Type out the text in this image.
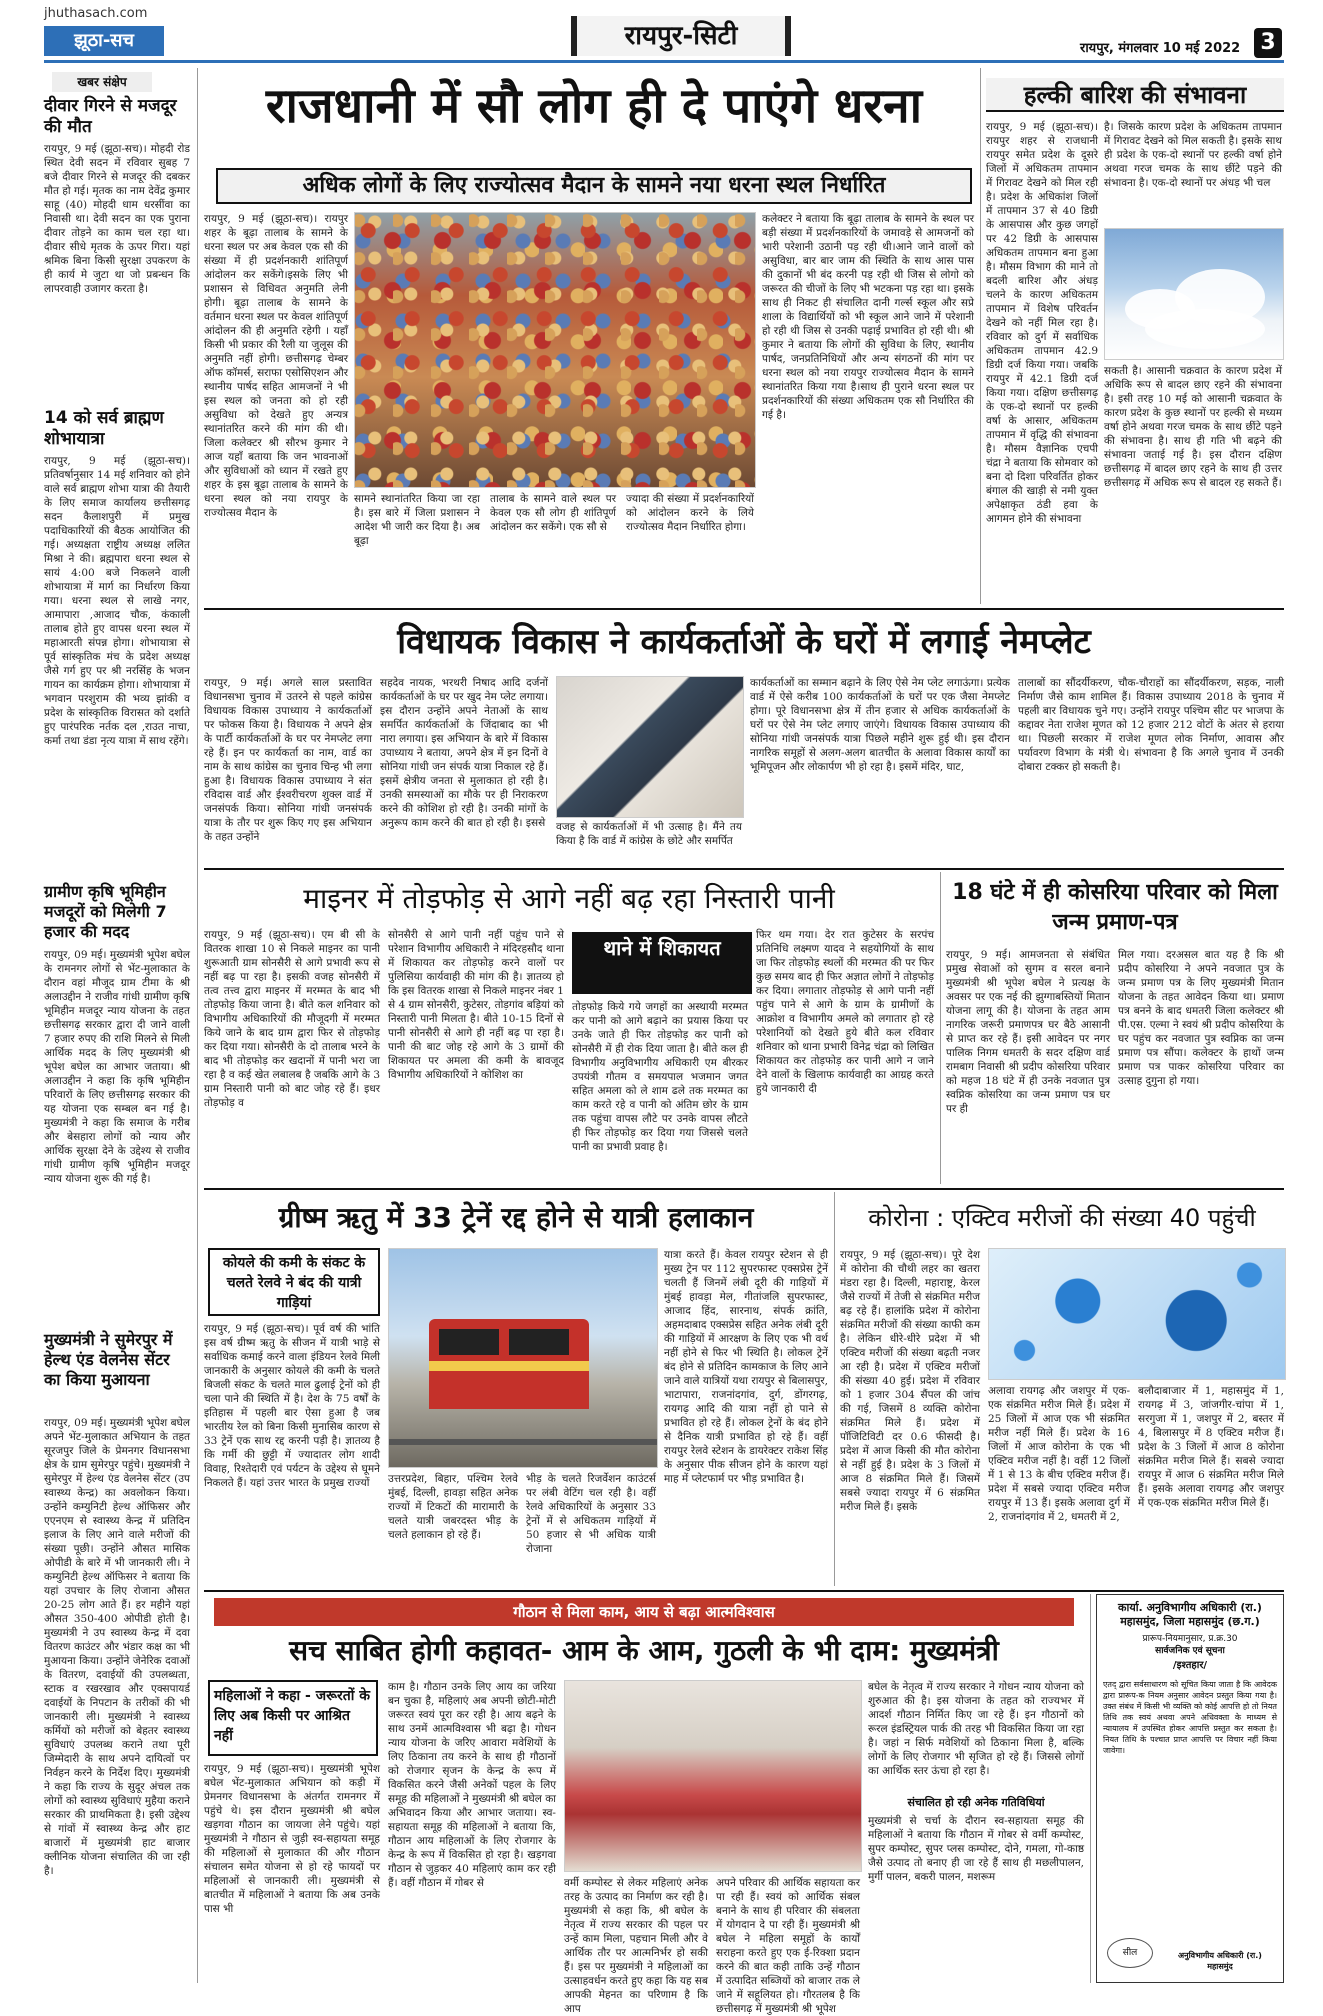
jhuthasach.com
झूठा-सच	रायपुर-सिटी	रायपुर, मंगलवार 10 मई 2022 3
खबर संक्षेप
दीवार गिरने से मजदूर की मौत
रायपुर, 9 मई (झूठा-सच)। मोहदी रोड स्थित देवी सदन में रविवार सुबह 7 बजे दीवार गिरने से मजदूर की दबकर मौत हो गई। मृतक का नाम देवेंद्र कुमार साहू (40) मोहदी धाम धरसींवा का निवासी था। देवी सदन का एक पुराना दीवार तोड़ने का काम चल रहा था। दीवार सीधे मृतक के ऊपर गिरा। यहां श्रमिक बिना किसी सुरक्षा उपकरण के ही कार्य मे जुटा था जो प्रबन्धन कि लापरवाही उजागर करता है।
14 को सर्व ब्राह्मण शोभायात्रा
रायपुर, 9 मई (झूठा-सच)। प्रतिवर्षानुसार 14 मई शनिवार को होने वाले सर्व ब्राह्मण शोभा यात्रा की तैयारी के लिए समाज कार्यालय छत्तीसगढ़ सदन कैलाशपुरी में प्रमुख पदाधिकारियों की बैठक आयोजित की गई। अध्यक्षता राष्ट्रीय अध्यक्ष ललित मिश्रा ने की। ब्रह्मपारा धरना स्थल से सायं 4:00 बजे निकलने वाली शोभायात्रा में मार्ग का निर्धारण किया गया। धरना स्थल से लाखे नगर, आमापारा ,आजाद चौक, कंकाली तालाब होते हुए वापस धरना स्थल में महाआरती संपन्न होगा। शोभायात्रा से पूर्व सांस्कृतिक मंच के प्रदेश अध्यक्ष जैसे गर्ग हुए पर श्री नरसिंह के भजन गायन का कार्यक्रम होगा। शोभायात्रा में भगवान परशुराम की भव्य झांकी व प्रदेश के सांस्कृतिक विरासत को दर्शाते हुए पारंपरिक नर्तक दल ,राउत नाचा, कर्मा तथा डंडा नृत्य यात्रा में साथ रहेंगे।
ग्रामीण कृषि भूमिहीन मजदूरों को मिलेगी 7 हजार की मदद
रायपुर, 09 मई। मुख्यमंत्री भूपेश बघेल के रामनगर लोगों से भेंट-मुलाकात के दौरान वहां मौजूद ग्राम टीमा के श्री अलाउद्दीन ने राजीव गांधी ग्रामीण कृषि भूमिहीन मजदूर न्याय योजना के तहत छत्तीसगढ़ सरकार द्वारा दी जाने वाली 7 हजार रुपए की राशि मिलने से मिली आर्थिक मदद के लिए मुख्यमंत्री श्री भूपेश बघेल का आभार जताया। श्री अलाउद्दीन ने कहा कि कृषि भूमिहीन परिवारों के लिए छत्तीसगढ़ सरकार की यह योजना एक सम्बल बन गई है। मुख्यमंत्री ने कहा कि समाज के गरीब और बेसहारा लोगों को न्याय और आर्थिक सुरक्षा देने के उद्देश्य से राजीव गांधी ग्रामीण कृषि भूमिहीन मजदूर न्याय योजना शुरू की गई है।
मुख्यमंत्री ने सुमेरपुर में हेल्थ एंड वेलनेस सेंटर का किया मुआयना
रायपुर, 09 मई। मुख्यमंत्री भूपेश बघेल अपने भेंट-मुलाकात अभियान के तहत सूरजपुर जिले के प्रेमनगर विधानसभा क्षेत्र के ग्राम सुमेरपुर पहुंचे। मुख्यमंत्री ने सुमेरपुर में हेल्थ एंड वेलनेस सेंटर (उप स्वास्थ्य केन्द्र) का अवलोकन किया। उन्होंने कम्युनिटी हेल्थ ऑफिसर और एएनएम से स्वास्थ्य केन्द्र में प्रतिदिन इलाज के लिए आने वाले मरीजों की संख्या पूछी। उन्होंने औसत मासिक ओपीडी के बारे में भी जानकारी ली। ने कम्युनिटी हेल्थ ऑफिसर ने बताया कि यहां उपचार के लिए रोजाना औसत 20-25 लोग आते हैं। हर महीने यहां औसत 350-400 ओपीडी होती है। मुख्यमंत्री ने उप स्वास्थ्य केन्द्र में दवा वितरण काउंटर और भंडार कक्ष का भी मुआयना किया। उन्होंने जेनेरिक दवाओं के वितरण, दवाईयों की उपलब्धता, स्टाक व रखरखाव और एक्सपायर्ड दवाईयों के निपटान के तरीकों की भी जानकारी ली। मुख्यमंत्री ने स्वास्थ्य कर्मियों को मरीजों को बेहतर स्वास्थ्य सुविधाएं उपलब्ध कराने तथा पूरी जिम्मेदारी के साथ अपने दायित्वों पर निर्वहन करने के निर्देश दिए। मुख्यमंत्री ने कहा कि राज्य के सुदूर अंचल तक लोगों को स्वास्थ्य सुविधाएं मुहैया कराने सरकार की प्राथमिकता है। इसी उद्देश्य से गांवों में स्वास्थ्य केन्द्र और हाट बाजारों में मुख्यमंत्री हाट बाजार क्लीनिक योजना संचालित की जा रही है।
राजधानी में सौ लोग ही दे पाएंगे धरना
अधिक लोगों के लिए राज्योत्सव मैदान के सामने नया धरना स्थल निर्धारित
रायपुर, 9 मई (झूठा-सच)। रायपुर शहर के बूढ़ा तालाब के सामने के धरना स्थल पर अब केवल एक सौ की संख्या में ही प्रदर्शनकारी शांतिपूर्ण आंदोलन कर सकेंगे।इसके लिए भी प्रशासन से विधिवत अनुमति लेनी होगी। बूढ़ा तालाब के सामने के वर्तमान धरना स्थल पर केवल शांतिपूर्ण आंदोलन की ही अनुमति रहेगी । यहाँ किसी भी प्रकार की रैली या जुलूस की अनुमति नहीं होगी। छत्तीसगढ़ चेम्बर ऑफ कॉमर्स, सराफा एसोसिएशन और स्थानीय पार्षद सहित आमजनों ने भी इस स्थल को जनता को हो रही असुविधा को देखते हुए अन्यत्र स्थानांतरित करने की मांग की थी। जिला कलेक्टर श्री सौरभ कुमार ने आज यहाँ बताया कि जन भावनाओं और सुविधाओं को ध्यान में रखते हुए शहर के इस बूढ़ा तालाब के सामने के धरना स्थल को नया रायपुर के राज्योत्सव मैदान के
सामने स्थानांतरित किया जा रहा है। इस बारे में जिला प्रशासन ने आदेश भी जारी कर दिया है। अब बूढ़ा
तालाब के सामने वाले स्थल पर केवल एक सौ लोग ही शांतिपूर्ण आंदोलन कर सकेंगे। एक सौ से
ज्यादा की संख्या में प्रदर्शनकारियों को आंदोलन करने के लिये राज्योत्सव मैदान निर्धारित होगा।
कलेक्टर ने बताया कि बूढ़ा तालाब के सामने के स्थल पर बड़ी संख्या में प्रदर्शनकारियों के जमावड़े से आमजनों को भारी परेशानी उठानी पड़ रही थी।आने जाने वालों को असुविधा, बार बार जाम की स्थिति के साथ आस पास की दुकानों भी बंद करनी पड़ रही थी जिस से लोगो को जरूरत की चीजों के लिए भी भटकना पड़ रहा था। इसके साथ ही निकट ही संचालित दानी गर्ल्स स्कूल और सप्रे शाला के विद्यार्थियों को भी स्कूल आने जाने में परेशानी हो रही थी जिस से उनकी पढ़ाई प्रभावित हो रही थी। श्री कुमार ने बताया कि लोगों की सुविधा के लिए, स्थानीय पार्षद, जनप्रतिनिधियों और अन्य संगठनों की मांग पर धरना स्थल को नया रायपुर राज्योत्सव मैदान के सामने स्थानांतरित किया गया है।साथ ही पुराने धरना स्थल पर प्रदर्शनकारियों की संख्या अधिकतम एक सौ निर्धारित की गई है।
हल्की बारिश की संभावना
रायपुर, 9 मई (झूठा-सच)। रायपुर शहर से राजधानी रायपुर समेत प्रदेश के दूसरे जिलों में अधिकतम तापमान में गिरावट देखने को मिल रही है। प्रदेश के अधिकांश जिलों में तापमान 37 से 40 डिग्री के आसपास और कुछ जगहों पर 42 डिग्री के आसपास अधिकतम तापमान बना हुआ है। मौसम विभाग की माने तो बदली बारिश और अंधड़ चलने के कारण अधिकतम तापमान में विशेष परिवर्तन देखने को नहीं मिल रहा है। रविवार को दुर्ग में सर्वाधिक अधिकतम तापमान 42.9 डिग्री दर्ज किया गया। जबकि रायपुर में 42.1 डिग्री दर्ज किया गया। दक्षिण छत्तीसगढ़ के एक-दो स्थानों पर हल्की वर्षा के आसार, अधिकतम तापमान में वृद्धि की संभावना है। मौसम वैज्ञानिक एचपी चंद्रा ने बताया कि सोमवार को बना दो दिशा परिवर्तित होकर बंगाल की खाड़ी से नमी युक्त अपेक्षाकृत ठंडी हवा के आगमन होने की संभावना
है। जिसके कारण प्रदेश के अधिकतम तापमान में गिरावट देखने को मिल सकती है। इसके साथ ही प्रदेश के एक-दो स्थानों पर हल्की वर्षा होने अथवा गरज चमक के साथ छींटे पड़ने की संभावना है। एक-दो स्थानों पर अंधड़ भी चल
सकती है। आसानी चक्रवात के कारण प्रदेश में अधिकि रूप से बादल छाए रहने की संभावना है। इसी तरह 10 मई को आसानी चक्रवात के कारण प्रदेश के कुछ स्थानों पर हल्की से मध्यम वर्षा होने अथवा गरज चमक के साथ छींटे पड़ने की संभावना है। साथ ही गति भी बढ़ने की संभावना जताई गई है। इस दौरान दक्षिण छत्तीसगढ़ में बादल छाए रहने के साथ ही उत्तर छत्तीसगढ़ में अधिक रूप से बादल रह सकते हैं।
विधायक विकास ने कार्यकर्ताओं के घरों में लगाई नेमप्लेट
रायपुर, 9 मई। अगले साल प्रस्तावित विधानसभा चुनाव में उतरने से पहले कांग्रेस विधायक विकास उपाध्याय ने कार्यकर्ताओं पर फोकस किया है। विधायक ने अपने क्षेत्र के पार्टी कार्यकर्ताओं के घर पर नेमप्लेट लगा रहे हैं। इन पर कार्यकर्ता का नाम, वार्ड का नाम के साथ कांग्रेस का चुनाव चिन्ह भी लगा हुआ है। विधायक विकास उपाध्याय ने संत रविदास वार्ड और ईश्वरीचरण शुक्ल वार्ड में जनसंपर्क किया। सोनिया गांधी जनसंपर्क यात्रा के तौर पर शुरू किए गए इस अभियान के तहत उन्होंने
सहदेव नायक, भरथरी निषाद आदि दर्जनों कार्यकर्ताओं के घर पर खुद नेम प्लेट लगाया। इस दौरान उन्होंने अपने नेताओं के साथ समर्पित कार्यकर्ताओं के जिंदाबाद का भी नारा लगाया। इस अभियान के बारे में विकास उपाध्याय ने बताया, अपने क्षेत्र में इन दिनों वे सोनिया गांधी जन संपर्क यात्रा निकाल रहे हैं।इसमें क्षेत्रीय जनता से मुलाकात हो रही है। उनकी समस्याओं का मौके पर ही निराकरण करने की कोशिश हो रही है। उनकी मांगों के अनुरूप काम करने की बात हो रही है। इससे वजह से कार्यकर्ताओं में भी उत्साह है। मैंने तय किया है कि वार्ड में कांग्रेस के छोटे और समर्पित
कार्यकर्ताओं का सम्मान बढ़ाने के लिए ऐसे नेम प्लेट लगाऊंगा। प्रत्येक वार्ड में ऐसे करीब 100 कार्यकर्ताओं के घरों पर एक जैसा नेमप्लेट होगा। पूरे विधानसभा क्षेत्र में तीन हजार से अधिक कार्यकर्ताओं के घरों पर ऐसे नेम प्लेट लगाए जाएंगे। विधायक विकास उपाध्याय की सोनिया गांधी जनसंपर्क यात्रा पिछले महीने शुरू हुई थी। इस दौरान नागरिक समूहों से अलग-अलग बातचीत के अलावा विकास कार्यों का भूमिपूजन और लोकार्पण भी हो रहा है। इसमें मंदिर, घाट,
तालाबों का सौंदर्यीकरण, चौक-चौराहों का सौंदर्यीकरण, सड़क, नाली निर्माण जैसे काम शामिल हैं। विकास उपाध्याय 2018 के चुनाव में पहली बार विधायक चुने गए। उन्होंने रायपुर पश्चिम सीट पर भाजपा के कद्दावर नेता राजेश मूणत को 12 हजार 212 वोटों के अंतर से हराया था। पिछली सरकार में राजेश मूणत लोक निर्माण, आवास और पर्यावरण विभाग के मंत्री थे। संभावना है कि अगले चुनाव में उनकी दोबारा टक्कर हो सकती है।
माइनर में तोड़फोड़ से आगे नहीं बढ़ रहा निस्तारी पानी
रायपुर, 9 मई (झूठा-सच)। एम बी सी के वितरक शाखा 10 से निकले माइनर का पानी शुरूआती ग्राम सोनसैरी से आगे प्रभावी रूप से नहीं बढ़ पा रहा है। इसकी वजह सोनसैरी में तत्व तत्त्व द्वारा माइनर में मरम्मत के बाद भी तोड़फोड़ किया जाना है। बीते कल शनिवार को विभागीय अधिकारियों की मौजूदगी में मरम्मत किये जाने के बाद ग्राम द्वारा फिर से तोड़फोड़ कर दिया गया। सोनसैरी के दो तालाब भरने के बाद भी तोड़फोड़ कर खदानों में पानी भरा जा रहा है व कई खेत लबालब है जबकि आगे के 3 ग्राम निस्तारी पानी को बाट जोह रहे हैं। इधर तोड़फोड़ व
सोनसैरी से आगे पानी नहीं पहुंच पाने से परेशान विभागीय अधिकारी ने मंदिरहसौद थाना में शिकायत कर तोड़फोड़ करने वालों पर पुलिसिया कार्यवाही की मांग की है। ज्ञातव्य हो कि इस वितरक शाखा से निकले माइनर नंबर 1 से 4 ग्राम सोनसैरी, कुटेसर, तोड़गांव बड़ियां को निस्तारी पानी मिलता है। बीते 10-15 दिनों से पानी सोनसैरी से आगे ही नहीं बढ़ पा रहा है। पानी की बाट जोह रहे आगे के 3 ग्रामों की शिकायत पर अमला की कमी के बावजूद विभागीय अधिकारियों ने कोशिश का
थाने में शिकायत
तोड़फोड़ किये गये जगहों का अस्थायी मरम्मत कर पानी को आगे बढ़ाने का प्रयास किया पर उनके जाते ही फिर तोड़फोड़ कर पानी को सोनसैरी में ही रोक दिया जाता है। बीते कल ही विभागीय अनुविभागीय अधिकारी एम बीरकर उपयंत्री गौतम व समयपाल भजमान जगत सहित अमला को ले शाम ढले तक मरम्मत का काम करते रहे व पानी को अंतिम छोर के ग्राम तक पहुंचा वापस लौटे पर उनके वापस लौटते ही फिर तोड़फोड़ कर दिया गया जिससे चलते पानी का प्रभावी प्रवाह है।
फिर थम गया। देर रात कुटेसर के सरपंच प्रतिनिधि लक्ष्मण यादव ने सहयोगियों के साथ जा फिर तोड़फोड़ स्थलों की मरम्मत की पर फिर कुछ समय बाद ही फिर अज्ञात लोगों ने तोड़फोड़ कर दिया। लगातार तोड़फोड़ से आगे पानी नहीं पहुंच पाने से आगे के ग्राम के ग्रामीणों के आक्रोश व विभागीय अमले को लगातार हो रहे परेशानियों को देखते हुये बीते कल रविवार शनिवार को थाना प्रभारी विनेद्र चंद्रा को लिखित शिकायत कर तोड़फोड़ कर पानी आगे न जाने देने वालों के खिलाफ कार्यवाही का आग्रह करते हुये जानकारी दी
18 घंटे में ही कोसरिया परिवार को मिला जन्म प्रमाण-पत्र
रायपुर, 9 मई। आमजनता से संबंधित प्रमुख सेवाओं को सुगम व सरल बनाने मुख्यमंत्री श्री भूपेश बघेल ने प्रत्यक्ष के अवसर पर एक नई की झुग्गाबस्तियों मितान योजना लागू की है। योजना के तहत आम नागरिक जरूरी प्रमाणपत्र घर बैठे आसानी से प्राप्त कर रहे हैं। इसी आवेदन पर नगर पालिक निगम धमतरी के सदर दक्षिण वार्ड रामबाग निवासी श्री प्रदीप कोसरिया परिवार को महज 18 घंटे में ही उनके नवजात पुत्र स्वप्निक कोसरिया का जन्म प्रमाण पत्र घर पर ही
मिल गया। दरअसल बात यह है कि श्री प्रदीप कोसरिया ने अपने नवजात पुत्र के जन्म प्रमाण पत्र के लिए मुख्यमंत्री मितान योजना के तहत आवेदन किया था। प्रमाण पत्र बनने के बाद धमतरी जिला कलेक्टर श्री पी.एस. एल्मा ने स्वयं श्री प्रदीप कोसरिया के घर पहुंच कर नवजात पुत्र स्वप्निक का जन्म प्रमाण पत्र सौंपा। कलेक्टर के हाथों जन्म प्रमाण पत्र पाकर कोसरिया परिवार का उत्साह दुगुना हो गया।
ग्रीष्म ऋतु में 33 ट्रेनें रद्द होने से यात्री हलाकान
कोयले की कमी के संकट के चलते रेलवे ने बंद की यात्री गाड़ियां
रायपुर, 9 मई (झूठा-सच)। पूर्व वर्ष की भांति इस वर्ष ग्रीष्म ऋतु के सीजन में यात्री भाड़े से सर्वाधिक कमाई करने वाला इंडियन रेलवे मिली जानकारी के अनुसार कोयले की कमी के चलते बिजली संकट के चलते माल ढुलाई ट्रेनों को ही चला पाने की स्थिति में है। देश के 75 वर्षों के इतिहास में पहली बार ऐसा हुआ है जब भारतीय रेल को बिना किसी मुनासिब कारण से 33 ट्रेनें एक साथ रद्द करनी पड़ी है। ज्ञातव्य है कि गर्मी की छुट्टी में ज्यादातर लोग शादी विवाह, रिश्तेदारी एवं पर्यटन के उद्देश्य से घूमने निकलते हैं। यहां उत्तर भारत के प्रमुख राज्यों	उत्तरप्रदेश, बिहार, पश्चिम रेलवे मुंबई, दिल्ली, हावड़ा सहित अनेक राज्यों में टिकटों की मारामारी के चलते यात्री जबरदस्त भीड़ के चलते हलाकान हो रहे हैं।
भीड़ के चलते रिजर्वेशन काउंटर्स पर लंबी वेटिंग चल रही है। वहीं रेलवे अधिकारियों के अनुसार 33 ट्रेनों में से अधिकतम गाड़ियों में 50 हजार से भी अधिक यात्री रोजाना
यात्रा करते हैं। केवल रायपुर स्टेशन से ही मुख्य ट्रेन पर 112 सुपरफास्ट एक्सप्रेस ट्रेनें चलती हैं जिनमें लंबी दूरी की गाड़ियों में मुंबई हावड़ा मेल, गीतांजलि सुपरफास्ट, आजाद हिंद, सारनाथ, संपर्क क्रांति, अहमदाबाद एक्सप्रेस सहित अनेक लंबी दूरी की गाड़ियों में आरक्षण के लिए एक भी वर्थ नहीं होने से फिर भी स्थिति है। लोकल ट्रेनें बंद होने से प्रतिदिन कामकाज के लिए आने जाने वाले यात्रियों यथा रायपुर से बिलासपुर, भाटापारा, राजनांदगांव, दुर्ग, डोंगरगढ़, रायगढ़ आदि की यात्रा नहीं हो पाने से प्रभावित हो रहे हैं। लोकल ट्रेनों के बंद होने से दैनिक यात्री प्रभावित हो रहे हैं। वहीं रायपुर रेलवे स्टेशन के डायरेक्टर राकेश सिंह के अनुसार पीक सीजन होने के कारण यहां माह में प्लेटफार्म पर भीड़ प्रभावित है।
कोरोना : एक्टिव मरीजों की संख्या 40 पहुंची
रायपुर, 9 मई (झूठा-सच)। पूरे देश में कोरोना की चौथी लहर का खतरा मंडरा रहा है। दिल्ली, महाराष्ट्र, केरल जैसे राज्यों में तेजी से संक्रमित मरीज बढ़ रहे हैं। हालांकि प्रदेश में कोरोना संक्रमित मरीजों की संख्या काफी कम है। लेकिन धीरे-धीरे प्रदेश में भी एक्टिव मरीजों की संख्या बढ़ती नजर आ रही है। प्रदेश में एक्टिव मरीजों की संख्या 40 हुई। प्रदेश में रविवार को 1 हजार 304 सैंपल की जांच की गई, जिसमें 8 व्यक्ति कोरोना संक्रमित मिले हैं। प्रदेश में पॉजिटिविटी दर 0.6 फीसदी है। प्रदेश में आज किसी की मौत कोरोना से नहीं हुई है। प्रदेश के 3 जिलों में आज 8 संक्रमित मिले हैं। जिसमें सबसे ज्यादा रायपुर में 6 संक्रमित मरीज मिले हैं। इसके
अलावा रायगढ़ और जशपुर में एक-एक संक्रमित मरीज मिले हैं। प्रदेश में 25 जिलों में आज एक भी संक्रमित मरीज नहीं मिले हैं। प्रदेश के 16 जिलों में आज कोरोना के एक भी एक्टिव मरीज नहीं है। वहीं 12 जिलों में 1 से 13 के बीच एक्टिव मरीज हैं। प्रदेश में सबसे ज्यादा एक्टिव मरीज रायपुर में 13 हैं। इसके अलावा दुर्ग में 2, राजनांदगांव में 2, धमतरी में 2,
बलौदाबाजार में 1, महासमुंद में 1, रायगढ़ में 3, जांजगीर-चांपा में 1, सरगुजा में 1, जशपुर में 2, बस्तर में 4, बिलासपुर में 8 एक्टिव मरीज हैं। प्रदेश के 3 जिलों में आज 8 कोरोना संक्रमित मरीज मिले हैं। सबसे ज्यादा रायपुर में आज 6 संक्रमित मरीज मिले हैं। इसके अलावा रायगढ़ और जशपुर में एक-एक संक्रमित मरीज मिले हैं।
गौठान से मिला काम, आय से बढ़ा आत्मविश्वास
सच साबित होगी कहावत- आम के आम, गुठली के भी दाम: मुख्यमंत्री
महिलाओं ने कहा - जरूरतों के लिए अब किसी पर आश्रित नहीं
रायपुर, 9 मई (झूठा-सच)। मुख्यमंत्री भूपेश बघेल भेंट-मुलाकात अभियान को कड़ी में प्रेमनगर विधानसभा के अंतर्गत रामनगर में पहुंचे थे। इस दौरान मुख्यमंत्री श्री बघेल खड़गवा गौठान का जायजा लेने पहुंचे। यहां मुख्यमंत्री ने गौठान से जुड़ी स्व-सहायता समूह की महिलाओं से मुलाकात की और गौठान संचालन समेत योजना से हो रहे फायदों पर महिलाओं से जानकारी ली। मुख्यमंत्री से बातचीत में महिलाओं ने बताया कि अब उनके पास भी
काम है। गौठान उनके लिए आय का जरिया बन चुका है, महिलाएं अब अपनी छोटी-मोटी जरूरत स्वयं पूरा कर रही है। आय बढ़ने के साथ उनमें आत्मविश्वास भी बढ़ा है। गोधन न्याय योजना के जरिए आवारा मवेशियों के लिए ठिकाना तय करने के साथ ही गौठानों को रोजगार सृजन के केन्द्र के रूप में विकसित करने जैसी अनेकों पहल के लिए समूह की महिलाओं ने मुख्यमंत्री श्री बघेल का अभिवादन किया और आभार जताया। स्व-सहायता समूह की महिलाओं ने बताया कि, गौठान आय महिलाओं के लिए रोजगार के केन्द्र के रूप में विकसित हो रहा है। खड़गवा गौठान से जुड़कर 40 महिलाएं काम कर रही हैं। वहीं गौठान में गोबर से	वर्मी कम्पोस्ट से लेकर महिलाएं अनेक तरह के उत्पाद का निर्माण कर रही है। मुख्यमंत्री से कहा कि, श्री बघेल के नेतृत्व में राज्य सरकार की पहल पर उन्हें काम मिला, पहचान मिली और वे आर्थिक तौर पर आत्मनिर्भर हो सकी हैं। इस पर मुख्यमंत्री ने महिलाओं का उत्साहवर्धन करते हुए कहा कि यह सब आपकी मेहनत का परिणाम है कि आप
अपने परिवार की आर्थिक सहायता कर पा रही हैं। स्वयं को आर्थिक संबल बनाने के साथ ही परिवार की संबलता में योगदान दे पा रही हैं। मुख्यमंत्री श्री बघेल ने महिला समूहों के कार्यों सराहना करते हुए एक ई-रिक्शा प्रदान करने की बात कही ताकि उन्हें गौठान में उत्पादित सब्जियों को बाजार तक ले जाने में सहूलियत हो। गौरतलब है कि छत्तीसगढ़ में मुख्यमंत्री श्री भूपेश
बघेल के नेतृत्व में राज्य सरकार ने गोधन न्याय योजना को शुरुआत की है। इस योजना के तहत को राज्यभर में आदर्श गौठान निर्मित किए जा रहे हैं। इन गौठानों को रूरल इंडस्ट्रियल पार्क की तरह भी विकसित किया जा रहा है। जहां न सिर्फ मवेशियों को ठिकाना मिला है, बल्कि लोगों के लिए रोजगार भी सृजित हो रहे हैं। जिससे लोगों का आर्थिक स्तर ऊंचा हो रहा है।
संचालित हो रही अनेक गतिविधियां
मुख्यमंत्री से चर्चा के दौरान स्व-सहायता समूह की महिलाओं ने बताया कि गौठान में गोबर से वर्मी कम्पोस्ट, सुपर कम्पोस्ट, सुपर प्लस कम्पोस्ट, दोने, गमला, गो-काष्ठ जैसे उत्पाद तो बनाए ही जा रहे हैं साथ ही मछलीपालन, मुर्गी पालन, बकरी पालन, मशरूम
कार्या. अनुविभागीय अधिकारी (रा.) महासमुंद, जिला महासमुंद (छ.ग.)
प्रारूप-नियमानुसार, प्र.क्र.30
सार्वजनिक एवं सूचना
/इश्तहार/
एतद् द्वारा सर्वसाधारण को सूचित किया जाता है कि आवेदक द्वारा प्रारूप-क नियम अनुसार आवेदन प्रस्तुत किया गया है। उक्त संबंध में किसी भी व्यक्ति को कोई आपत्ति हो तो नियत तिथि तक स्वयं अथवा अपने अधिवक्ता के माध्यम से न्यायालय में उपस्थित होकर आपत्ति प्रस्तुत कर सकता है। नियत तिथि के पश्चात प्राप्त आपत्ति पर विचार नहीं किया जावेगा।
सील	अनुविभागीय अधिकारी (रा.) महासमुंद
